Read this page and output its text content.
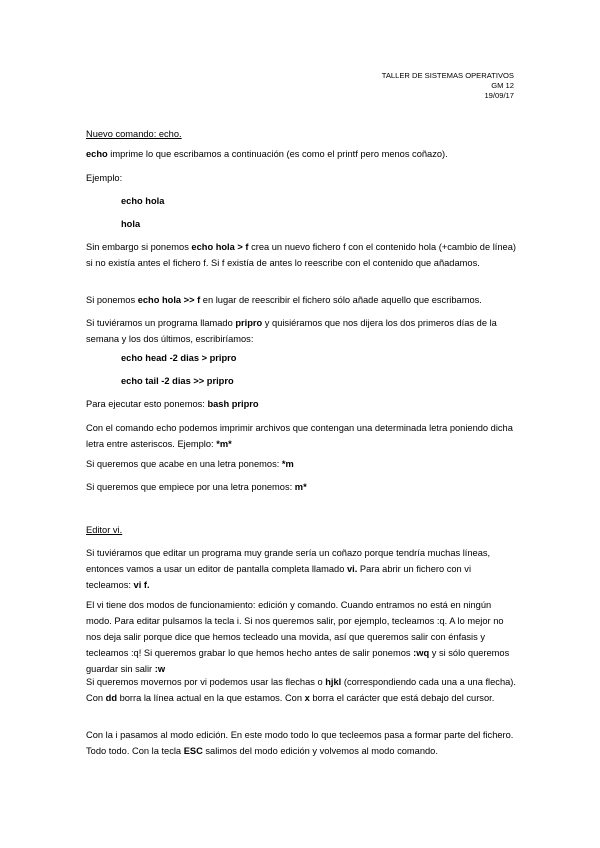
TALLER DE SISTEMAS OPERATIVOS
GM 12
19/09/17

Nuevo comando: echo.

echo imprime lo que escribamos a continuación (es como el printf pero menos coñazo).

Ejemplo:

echo hola

hola

Sin embargo si ponemos echo hola > f crea un nuevo fichero f con el contenido hola (+cambio de línea) si no existía antes el fichero f. Si f existía de antes lo reescribe con el contenido que añadamos.

Si ponemos echo hola >> f en lugar de reescribir el fichero sólo añade aquello que escribamos.

Si tuviéramos un programa llamado pripro y quisiéramos que nos dijera los dos primeros días de la semana y los dos últimos, escribiríamos:

echo head -2 dias > pripro

echo tail -2 dias >> pripro

Para ejecutar esto ponemos: bash pripro

Con el comando echo podemos imprimir archivos que contengan una determinada letra poniendo dicha letra entre asteriscos. Ejemplo: *m*

Si queremos que acabe en una letra ponemos: *m

Si queremos que empiece por una letra ponemos: m*

Editor vi.

Si tuviéramos que editar un programa muy grande sería un coñazo porque tendría muchas líneas, entonces vamos a usar un editor de pantalla completa llamado vi. Para abrir un fichero con vi tecleamos: vi f.

El vi tiene dos modos de funcionamiento: edición y comando. Cuando entramos no está en ningún modo. Para editar pulsamos la tecla i. Si nos queremos salir, por ejemplo, tecleamos :q. A lo mejor no nos deja salir porque dice que hemos tecleado una movida, así que queremos salir con énfasis y tecleamos :q! Si queremos grabar lo que hemos hecho antes de salir ponemos :wq y si sólo queremos guardar sin salir :w

Si queremos movernos por vi podemos usar las flechas o hjkl (correspondiendo cada una a una flecha). Con dd borra la línea actual en la que estamos. Con x borra el carácter que está debajo del cursor.

Con la i pasamos al modo edición. En este modo todo lo que tecleemos pasa a formar parte del fichero. Todo todo. Con la tecla ESC salimos del modo edición y volvemos al modo comando.
